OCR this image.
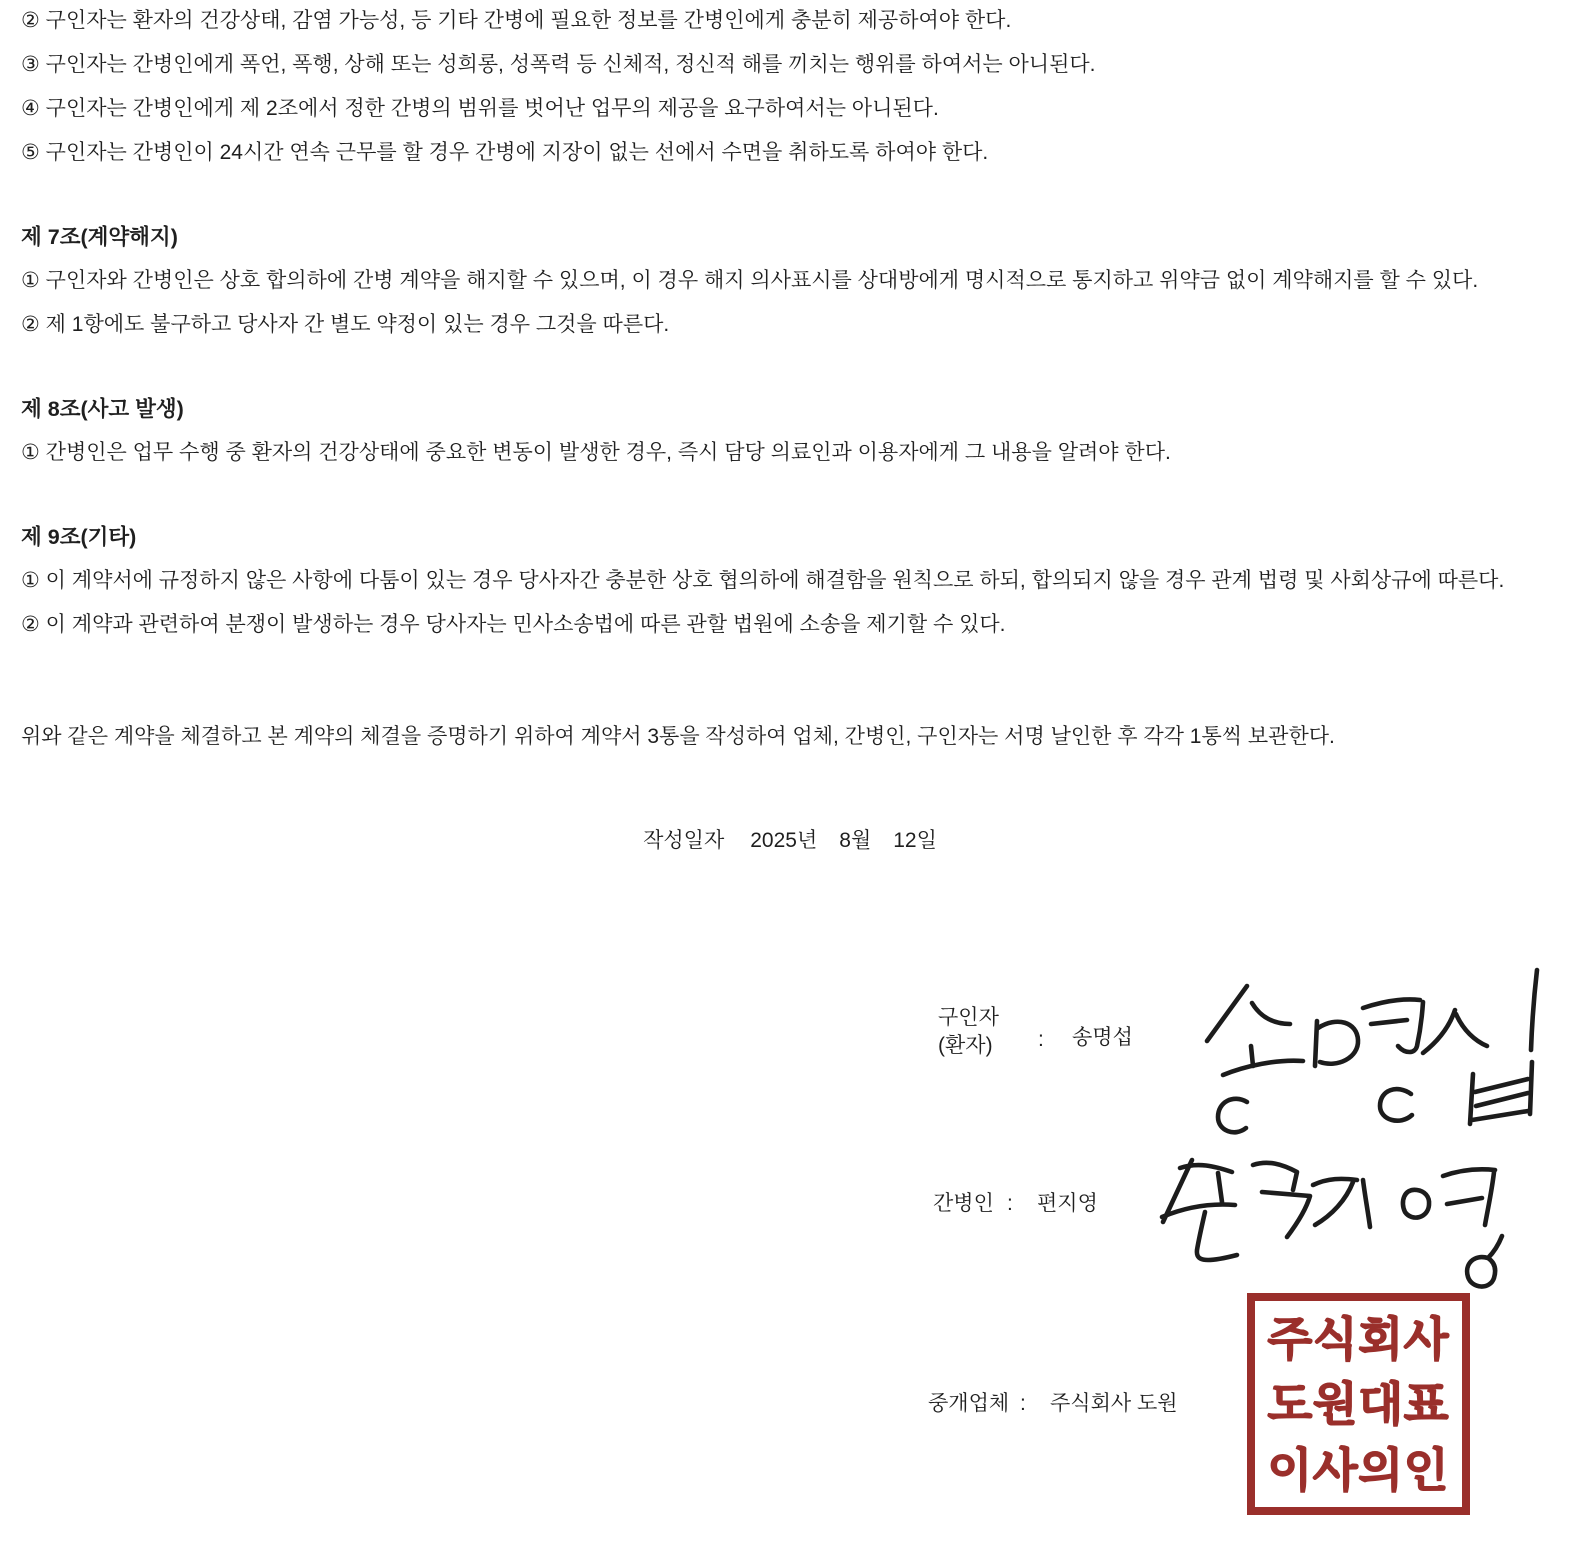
② 구인자는 환자의 건강상태, 감염 가능성, 등 기타 간병에 필요한 정보를 간병인에게 충분히 제공하여야 한다.

③ 구인자는 간병인에게 폭언, 폭행, 상해 또는 성희롱, 성폭력 등 신체적, 정신적 해를 끼치는 행위를 하여서는 아니된다.

④ 구인자는 간병인에게 제 2조에서 정한 간병의 범위를 벗어난 업무의 제공을 요구하여서는 아니된다.

⑤ 구인자는 간병인이 24시간 연속 근무를 할 경우 간병에 지장이 없는 선에서 수면을 취하도록 하여야 한다.

제 7조(계약해지)

① 구인자와 간병인은 상호 합의하에 간병 계약을 해지할 수 있으며, 이 경우 해지 의사표시를 상대방에게 명시적으로 통지하고 위약금 없이 계약해지를 할 수 있다.

② 제 1항에도 불구하고 당사자 간 별도 약정이 있는 경우 그것을 따른다.

제 8조(사고 발생)

① 간병인은 업무 수행 중 환자의 건강상태에 중요한 변동이 발생한 경우, 즉시 담당 의료인과 이용자에게 그 내용을 알려야 한다.

제 9조(기타)

① 이 계약서에 규정하지 않은 사항에 다툼이 있는 경우 당사자간 충분한 상호 협의하에 해결함을 원칙으로 하되, 합의되지 않을 경우 관계 법령 및 사회상규에 따른다.

② 이 계약과 관련하여 분쟁이 발생하는 경우 당사자는 민사소송법에 따른 관할 법원에 소송을 제기할 수 있다.

위와 같은 계약을 체결하고 본 계약의 체결을 증명하기 위하여 계약서 3통을 작성하여 업체, 간병인, 구인자는 서명 날인한 후 각각 1통씩 보관한다.

작성일자 2025년 8월 12일
구인자
(환자) : 송명섭
간병인 : 편지영
중개업체 : 주식회사 도원
주식회사
도원대표
이사의인
